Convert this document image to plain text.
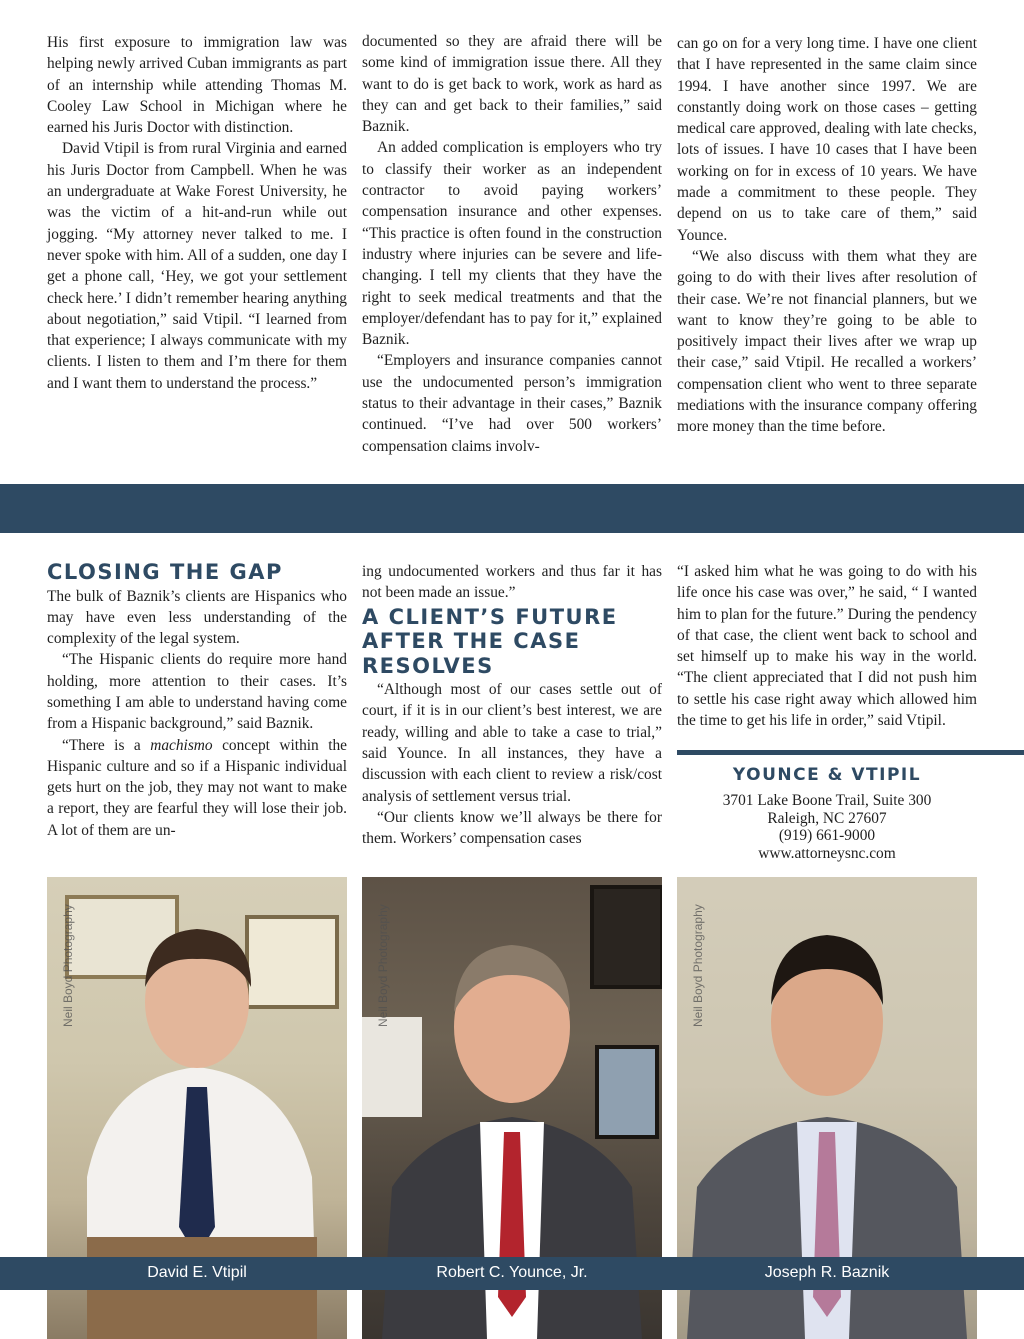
His first exposure to immigration law was helping newly arrived Cuban immigrants as part of an internship while attending Thomas M. Cooley Law School in Michigan where he earned his Juris Doctor with distinction.

David Vtipil is from rural Virginia and earned his Juris Doctor from Campbell. When he was an undergraduate at Wake Forest University, he was the victim of a hit-and-run while out jogging. “My attorney never talked to me. I never spoke with him. All of a sudden, one day I get a phone call, ‘Hey, we got your settlement check here.’ I didn’t remember hearing anything about negotiation,” said Vtipil. “I learned from that experience; I always communicate with my clients. I listen to them and I’m there for them and I want them to understand the process.”

documented so they are afraid there will be some kind of immigration issue there. All they want to do is get back to work, work as hard as they can and get back to their families,” said Baznik.

An added complication is employers who try to classify their worker as an independent contractor to avoid paying workers’ compensation insurance and other expenses. “This practice is often found in the construction industry where injuries can be severe and life-changing. I tell my clients that they have the right to seek medical treatments and that the employer/defendant has to pay for it,” explained Baznik.

“Employers and insurance companies cannot use the undocumented person’s immigration status to their advantage in their cases,” Baznik continued. “I’ve had over 500 workers’ compensation claims involv-

can go on for a very long time. I have one client that I have represented in the same claim since 1994. I have another since 1997. We are constantly doing work on those cases – getting medical care approved, dealing with late checks, lots of issues. I have 10 cases that I have been working on for in excess of 10 years. We have made a commitment to these people. They depend on us to take care of them,” said Younce.

“We also discuss with them what they are going to do with their lives after resolution of their case. We’re not financial planners, but we want to know they’re going to be able to positively impact their lives after we wrap up their case,” said Vtipil. He recalled a workers’ compensation client who went to three separate mediations with the insurance company offering more money than the time before.

CLOSING THE GAP

The bulk of Baznik’s clients are Hispanics who may have even less understanding of the complexity of the legal system.

“The Hispanic clients do require more hand holding, more attention to their cases. It’s something I am able to understand having come from a Hispanic background,” said Baznik.

“There is a machismo concept within the Hispanic culture and so if a Hispanic individual gets hurt on the job, they may not want to make a report, they are fearful they will lose their job. A lot of them are un-

ing undocumented workers and thus far it has not been made an issue.”

A CLIENT’S FUTURE AFTER THE CASE RESOLVES

“Although most of our cases settle out of court, if it is in our client’s best interest, we are ready, willing and able to take a case to trial,” said Younce. In all instances, they have a discussion with each client to review a risk/cost analysis of settlement versus trial.

“Our clients know we’ll always be there for them. Workers’ compensation cases

“I asked him what he was going to do with his life once his case was over,” he said, “ I wanted him to plan for the future.” During the pendency of that case, the client went back to school and set himself up to make his way in the world. “The client appreciated that I did not push him to settle his case right away which allowed him the time to get his life in order,” said Vtipil.

YOUNCE & VTIPIL
3701 Lake Boone Trail, Suite 300
Raleigh, NC 27607
(919) 661-9000
www.attorneysnc.com
Neil Boyd Photography	Neil Boyd Photography	Neil Boyd Photography
David E. Vtipil	Robert C. Younce, Jr.	Joseph R. Baznik
